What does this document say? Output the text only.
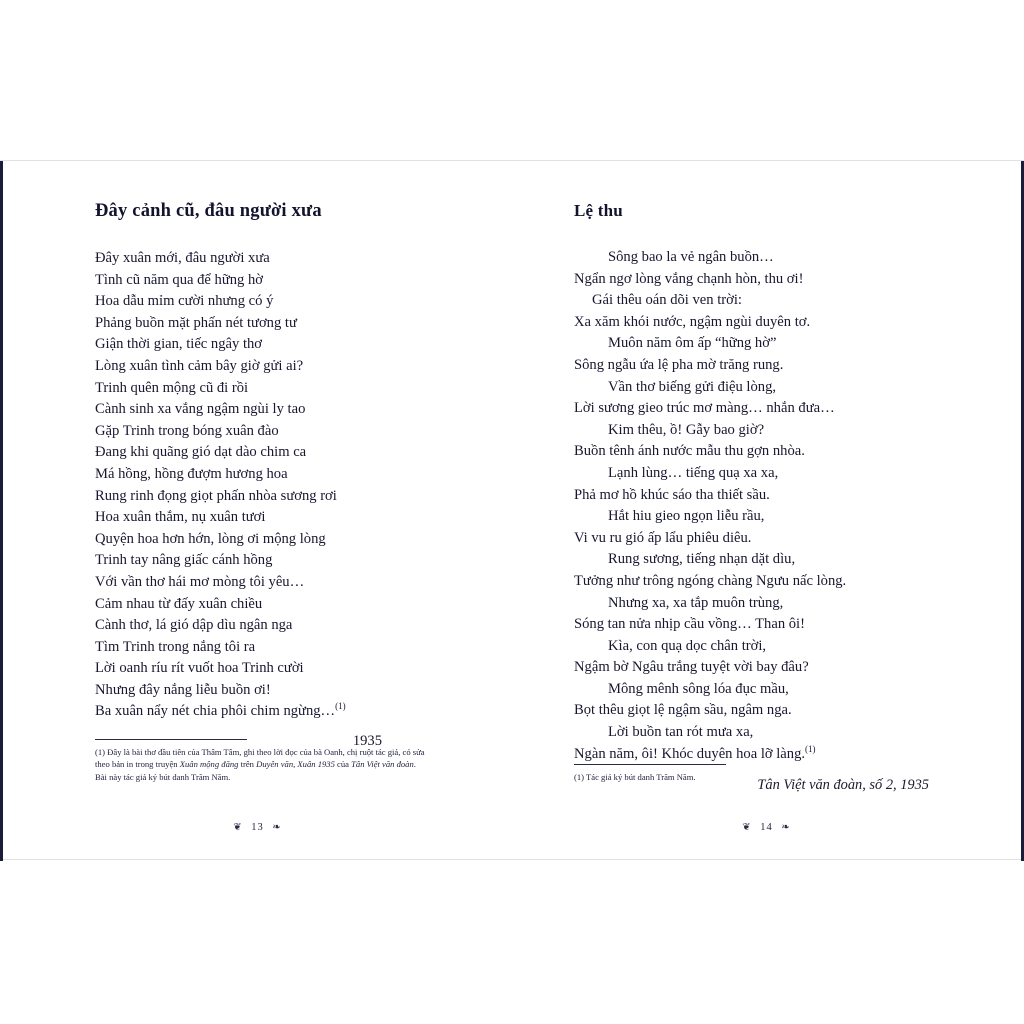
Đây cảnh cũ, đâu người xưa
Đây xuân mới, đâu người xưa
Tình cũ năm qua để hững hờ
Hoa dẫu mỉm cười nhưng có ý
Phảng buồn mặt phấn nét tương tư
Giận thời gian, tiếc ngây thơ
Lòng xuân tình cảm bây giờ gửi ai?
Trinh quên mộng cũ đi rồi
Cành sinh xa vắng ngậm ngùi ly tao
Gặp Trinh trong bóng xuân đào
Đang khi quãng gió dạt dào chim ca
Má hồng, hồng đượm hương hoa
Rung rinh đọng giọt phấn nhòa sương rơi
Hoa xuân thắm, nụ xuân tươi
Quyện hoa hơn hớn, lòng ơi mộng lòng
Trinh tay nâng giấc cánh hồng
Với vần thơ hái mơ mòng tôi yêu…
Cảm nhau từ đấy xuân chiều
Cành thơ, lá gió dập dìu ngân nga
Tìm Trinh trong nắng tôi ra
Lời oanh ríu rít vuốt hoa Trinh cười
Nhưng đây nắng liễu buồn ơi!
Ba xuân nẩy nét chia phôi chim ngừng…$^{(1)}$
1935
(1) Đây là bài thơ đầu tiên của Thâm Tâm, ghi theo lời đọc của bà Oanh, chị ruột tác giả, có sửa theo bản in trong truyện Xuân mộng đăng trên Duyên văn, Xuân 1935 của Tân Việt văn đoàn. Bài này tác giả ký bút danh Trăm Năm.
❦ 13 ❧
Lệ thu
Sông bao la vẻ ngân buồn…
Ngẩn ngơ lòng vắng chạnh hòn, thu ơi!
Gái thêu oán dõi ven trời:
Xa xăm khói nước, ngậm ngùi duyên tơ.
Muôn năm ôm ấp “hững hờ”
Sông ngẫu ứa lệ pha mờ trăng rung.
Vần thơ biếng gửi điệu lòng,
Lời sương gieo trúc mơ màng… nhắn đưa…
Kim thêu, ồ! Gẫy bao giờ?
Buồn tênh ánh nước mẫu thu gợn nhòa.
Lạnh lùng… tiếng quạ xa xa,
Phả mơ hồ khúc sáo tha thiết sầu.
Hắt hiu gieo ngọn liễu rầu,
Vi vu ru gió ấp lẩu phiêu diêu.
Rung sương, tiếng nhạn dặt dìu,
Tưởng như trông ngóng chàng Ngưu nấc lòng.
Nhưng xa, xa tắp muôn trùng,
Sóng tan nửa nhịp cầu vồng… Than ôi!
Kìa, con quạ dọc chân trời,
Ngậm bờ Ngâu trắng tuyệt vời bay đâu?
Mông mênh sông lóa đục mầu,
Bọt thêu giọt lệ ngậm sầu, ngâm nga.
Lời buồn tan rót mưa xa,
Ngàn năm, ôi! Khóc duyên hoa lỡ làng.$^{(1)}$
Tân Việt văn đoàn, số 2, 1935
(1) Tác giả ký bút danh Trăm Năm.
❦ 14 ❧
